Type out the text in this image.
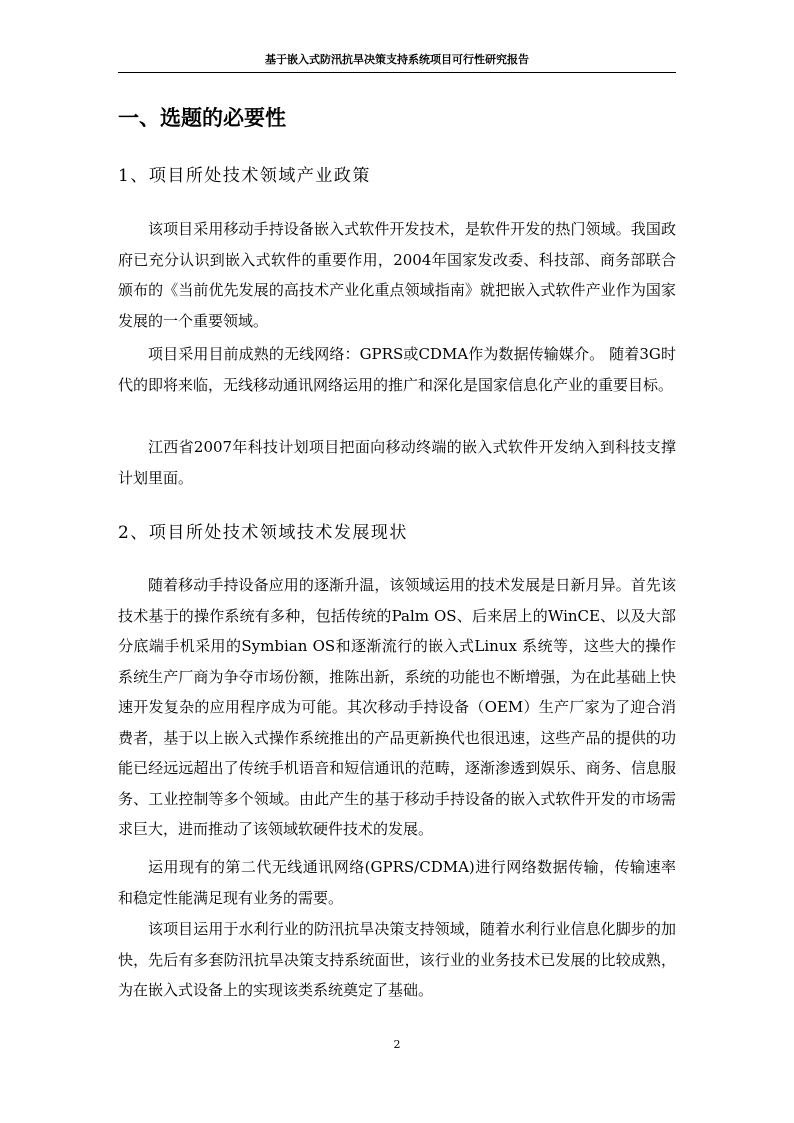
基于嵌入式防汛抗旱决策支持系统项目可行性研究报告
一、选题的必要性
1、项目所处技术领域产业政策

该项目采用移动手持设备嵌入式软件开发技术，是软件开发的热门领域。我国政府已充分认识到嵌入式软件的重要作用，2004年国家发改委、科技部、商务部联合颁布的《当前优先发展的高技术产业化重点领域指南》就把嵌入式软件产业作为国家发展的一个重要领域。

项目采用目前成熟的无线网络：GPRS或CDMA作为数据传输媒介。 随着3G时代的即将来临，无线移动通讯网络运用的推广和深化是国家信息化产业的重要目标。

江西省2007年科技计划项目把面向移动终端的嵌入式软件开发纳入到科技支撑计划里面。

2、项目所处技术领域技术发展现状

随着移动手持设备应用的逐渐升温，该领域运用的技术发展是日新月异。首先该技术基于的操作系统有多种，包括传统的Palm OS、后来居上的WinCE、以及大部分底端手机采用的Symbian OS和逐渐流行的嵌入式Linux 系统等，这些大的操作系统生产厂商为争夺市场份额，推陈出新，系统的功能也不断增强，为在此基础上快速开发复杂的应用程序成为可能。其次移动手持设备（OEM）生产厂家为了迎合消费者，基于以上嵌入式操作系统推出的产品更新换代也很迅速，这些产品的提供的功能已经远远超出了传统手机语音和短信通讯的范畴，逐渐渗透到娱乐、商务、信息服务、工业控制等多个领域。由此产生的基于移动手持设备的嵌入式软件开发的市场需求巨大，进而推动了该领域软硬件技术的发展。

运用现有的第二代无线通讯网络(GPRS/CDMA)进行网络数据传输，传输速率和稳定性能满足现有业务的需要。

该项目运用于水利行业的防汛抗旱决策支持领域，随着水利行业信息化脚步的加快，先后有多套防汛抗旱决策支持系统面世，该行业的业务技术已发展的比较成熟，为在嵌入式设备上的实现该类系统奠定了基础。

2
